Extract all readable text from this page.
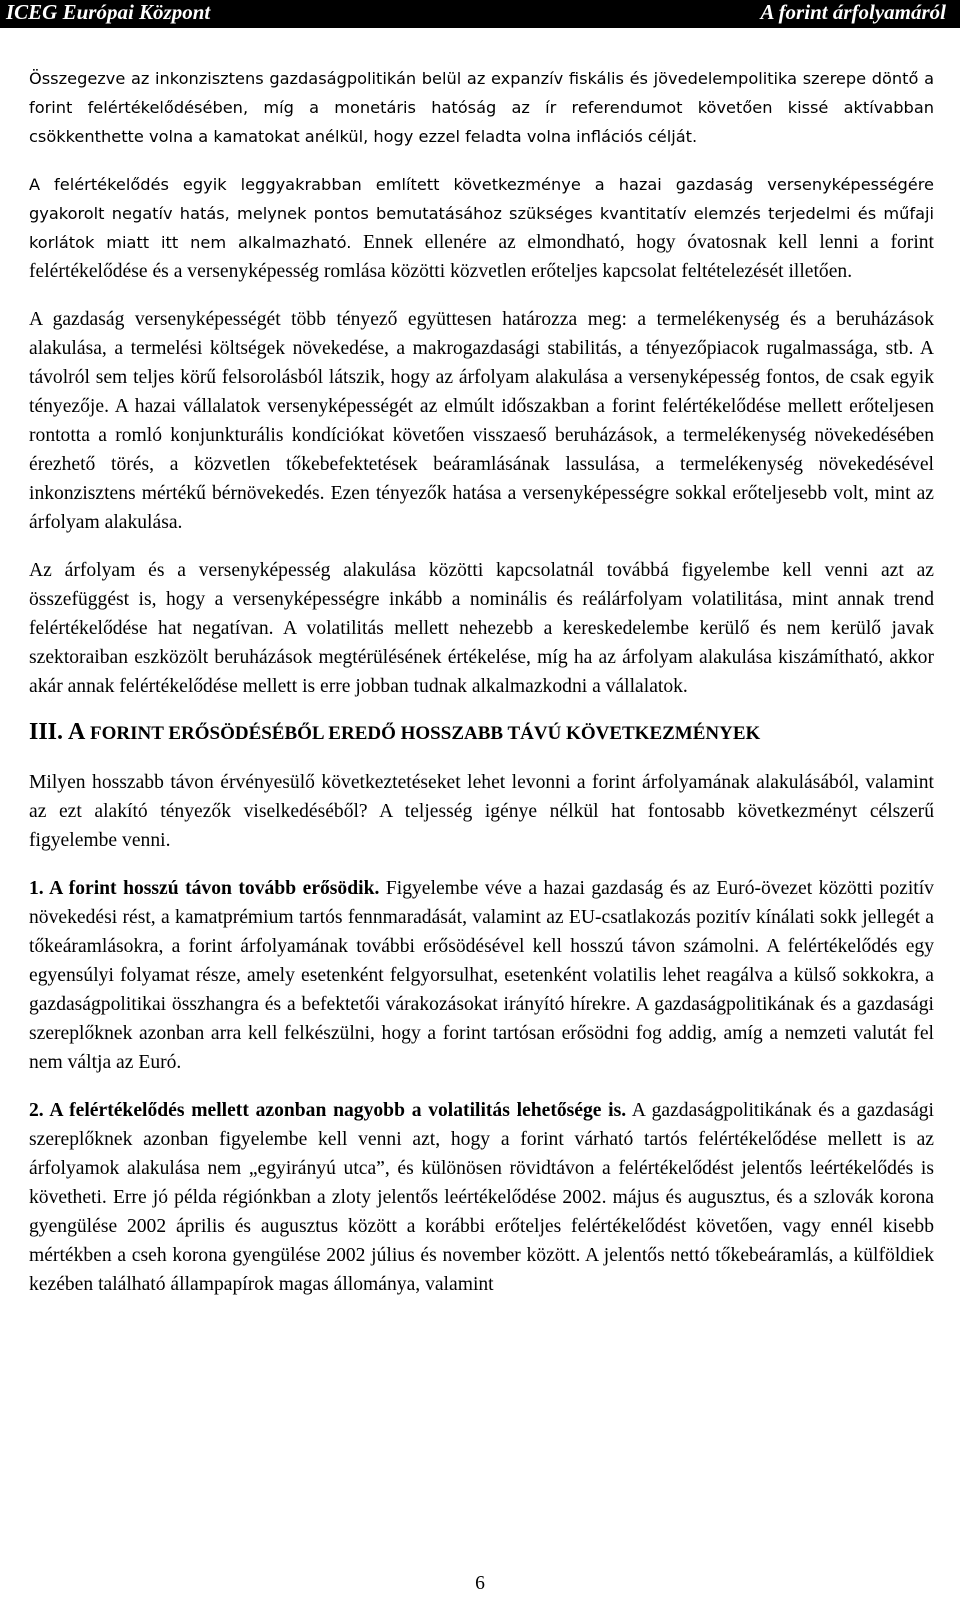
ICEG Európai Központ	A forint árfolyamáról

Összegezve az inkonzisztens gazdaságpolitikán belül az expanzív fiskális és jövedelempolitika szerepe döntő a forint felértékelődésében, míg a monetáris hatóság az ír referendumot követően kissé aktívabban csökkenthette volna a kamatokat anélkül, hogy ezzel feladta volna inflációs célját.

A felértékelődés egyik leggyakrabban említett következménye a hazai gazdaság versenyképességére gyakorolt negatív hatás, melynek pontos bemutatásához szükséges kvantitatív elemzés terjedelmi és műfaji korlátok miatt itt nem alkalmazható. Ennek ellenére az elmondható, hogy óvatosnak kell lenni a forint felértékelődése és a versenyképesség romlása közötti közvetlen erőteljes kapcsolat feltételezését illetően.

A gazdaság versenyképességét több tényező együttesen határozza meg: a termelékenység és a beruházások alakulása, a termelési költségek növekedése, a makrogazdasági stabilitás, a tényezőpiacok rugalmassága, stb. A távolról sem teljes körű felsorolásból látszik, hogy az árfolyam alakulása a versenyképesség fontos, de csak egyik tényezője. A hazai vállalatok versenyképességét az elmúlt időszakban a forint felértékelődése mellett erőteljesen rontotta a romló konjunkturális kondíciókat követően visszaeső beruházások, a termelékenység növekedésében érezhető törés, a közvetlen tőkebefektetések beáramlásának lassulása, a termelékenység növekedésével inkonzisztens mértékű bérnövekedés. Ezen tényezők hatása a versenyképességre sokkal erőteljesebb volt, mint az árfolyam alakulása.

Az árfolyam és a versenyképesség alakulása közötti kapcsolatnál továbbá figyelembe kell venni azt az összefüggést is, hogy a versenyképességre inkább a nominális és reálárfolyam volatilitása, mint annak trend felértékelődése hat negatívan. A volatilitás mellett nehezebb a kereskedelembe kerülő és nem kerülő javak szektoraiban eszközölt beruházások megtérülésének értékelése, míg ha az árfolyam alakulása kiszámítható, akkor akár annak felértékelődése mellett is erre jobban tudnak alkalmazkodni a vállalatok.

III. A FORINT ERŐSÖDÉSÉBŐL EREDŐ HOSSZABB TÁVÚ KÖVETKEZMÉNYEK

Milyen hosszabb távon érvényesülő következtetéseket lehet levonni a forint árfolyamának alakulásából, valamint az ezt alakító tényezők viselkedéséből? A teljesség igénye nélkül hat fontosabb következményt célszerű figyelembe venni.

1. A forint hosszú távon tovább erősödik. Figyelembe véve a hazai gazdaság és az Euró-övezet közötti pozitív növekedési rést, a kamatprémium tartós fennmaradását, valamint az EU-csatlakozás pozitív kínálati sokk jellegét a tőkeáramlásokra, a forint árfolyamának további erősödésével kell hosszú távon számolni. A felértékelődés egy egyensúlyi folyamat része, amely esetenként felgyorsulhat, esetenként volatilis lehet reagálva a külső sokkokra, a gazdaságpolitikai összhangra és a befektetői várakozásokat irányító hírekre. A gazdaságpolitikának és a gazdasági szereplőknek azonban arra kell felkészülni, hogy a forint tartósan erősödni fog addig, amíg a nemzeti valutát fel nem váltja az Euró.

2. A felértékelődés mellett azonban nagyobb a volatilitás lehetősége is. A gazdaságpolitikának és a gazdasági szereplőknek azonban figyelembe kell venni azt, hogy a forint várható tartós felértékelődése mellett is az árfolyamok alakulása nem „egyirányú utca”, és különösen rövidtávon a felértékelődést jelentős leértékelődés is követheti. Erre jó példa régiónkban a zloty jelentős leértékelődése 2002. május és augusztus, és a szlovák korona gyengülése 2002 április és augusztus között a korábbi erőteljes felértékelődést követően, vagy ennél kisebb mértékben a cseh korona gyengülése 2002 július és november között. A jelentős nettó tőkebeáramlás, a külföldiek kezében található állampapírok magas állománya, valamint

6
